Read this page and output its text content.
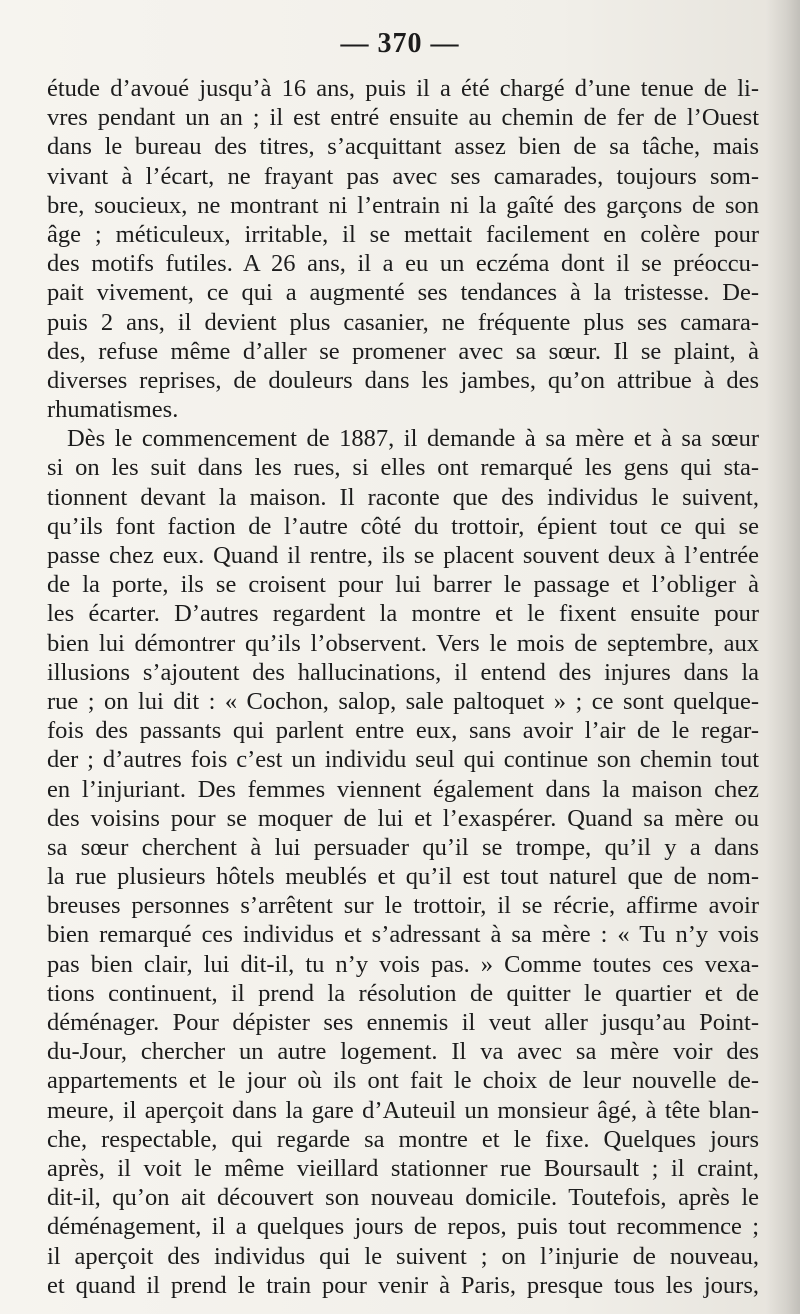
— 370 —
étude d’avoué jusqu’à 16 ans, puis il a été chargé d’une tenue de li-
vres pendant un an ; il est entré ensuite au chemin de fer de l’Ouest
dans le bureau des titres, s’acquittant assez bien de sa tâche, mais
vivant à l’écart, ne frayant pas avec ses camarades, toujours som-
bre, soucieux, ne montrant ni l’entrain ni la gaîté des garçons de son
âge ; méticuleux, irritable, il se mettait facilement en colère pour
des motifs futiles. A 26 ans, il a eu un eczéma dont il se préoccu-
pait vivement, ce qui a augmenté ses tendances à la tristesse. De-
puis 2 ans, il devient plus casanier, ne fréquente plus ses camara-
des, refuse même d’aller se promener avec sa sœur. Il se plaint, à
diverses reprises, de douleurs dans les jambes, qu’on attribue à des
rhumatismes.
Dès le commencement de 1887, il demande à sa mère et à sa sœur
si on les suit dans les rues, si elles ont remarqué les gens qui sta-
tionnent devant la maison. Il raconte que des individus le suivent,
qu’ils font faction de l’autre côté du trottoir, épient tout ce qui se
passe chez eux. Quand il rentre, ils se placent souvent deux à l’entrée
de la porte, ils se croisent pour lui barrer le passage et l’obliger à
les écarter. D’autres regardent la montre et le fixent ensuite pour
bien lui démontrer qu’ils l’observent. Vers le mois de septembre, aux
illusions s’ajoutent des hallucinations, il entend des injures dans la
rue ; on lui dit : « Cochon, salop, sale paltoquet » ; ce sont quelque-
fois des passants qui parlent entre eux, sans avoir l’air de le regar-
der ; d’autres fois c’est un individu seul qui continue son chemin tout
en l’injuriant. Des femmes viennent également dans la maison chez
des voisins pour se moquer de lui et l’exaspérer. Quand sa mère ou
sa sœur cherchent à lui persuader qu’il se trompe, qu’il y a dans
la rue plusieurs hôtels meublés et qu’il est tout naturel que de nom-
breuses personnes s’arrêtent sur le trottoir, il se récrie, affirme avoir
bien remarqué ces individus et s’adressant à sa mère : « Tu n’y vois
pas bien clair, lui dit-il, tu n’y vois pas. » Comme toutes ces vexa-
tions continuent, il prend la résolution de quitter le quartier et de
déménager. Pour dépister ses ennemis il veut aller jusqu’au Point-
du-Jour, chercher un autre logement. Il va avec sa mère voir des
appartements et le jour où ils ont fait le choix de leur nouvelle de-
meure, il aperçoit dans la gare d’Auteuil un monsieur âgé, à tête blan-
che, respectable, qui regarde sa montre et le fixe. Quelques jours
après, il voit le même vieillard stationner rue Boursault ; il craint,
dit-il, qu’on ait découvert son nouveau domicile. Toutefois, après le
déménagement, il a quelques jours de repos, puis tout recommence ;
il aperçoit des individus qui le suivent ; on l’injurie de nouveau,
et quand il prend le train pour venir à Paris, presque tous les jours,
